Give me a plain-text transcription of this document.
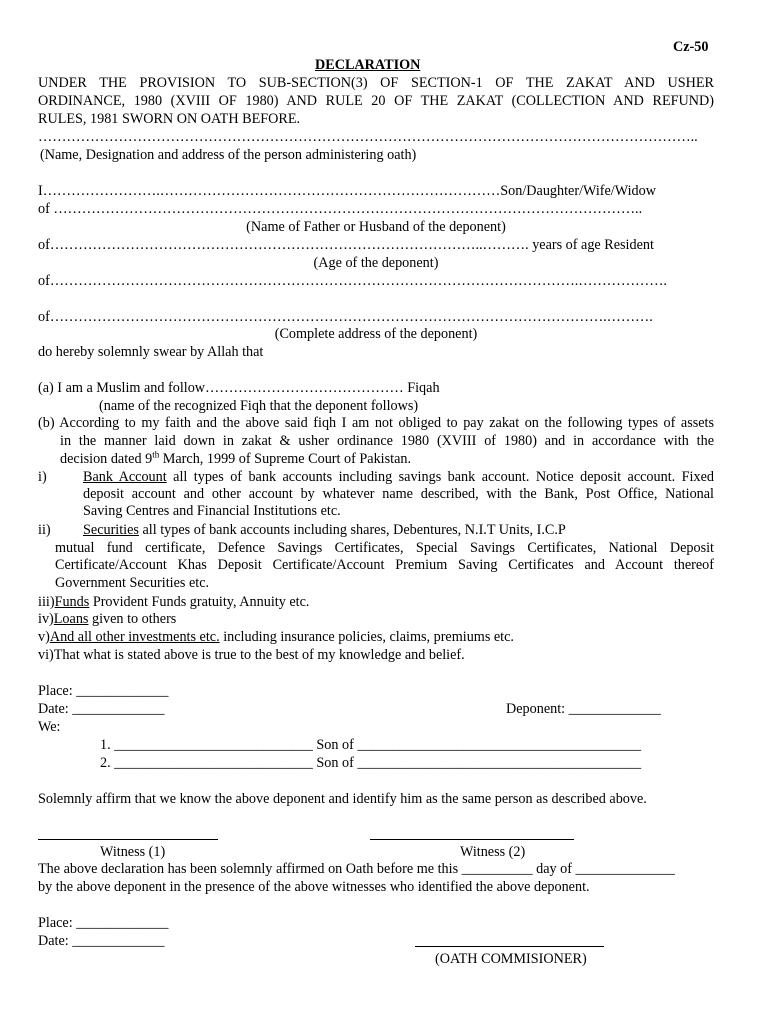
Cz-50
DECLARATION
UNDER THE PROVISION TO SUB-SECTION(3) OF SECTION-1 OF THE ZAKAT AND USHER
ORDINANCE, 1980 (XVIII OF 1980) AND RULE 20 OF THE ZAKAT (COLLECTION AND REFUND)
RULES, 1981 SWORN ON OATH BEFORE.
…………………………………………………………………………………………………………………………..
(Name, Designation and address of the person administering oath)
I…………………….………………………………………………………………Son/Daughter/Wife/Widow
of ……………………………………………………………………………………………………………..
(Name of Father or Husband of the deponent)
of………………………………………………………………………………..………. years of age Resident
(Age of the deponent)
of………………………………………………………………………………………………….……………….
of……………………………………………………………………………………………………….……….
(Complete address of the deponent)
do hereby solemnly swear by Allah that
(a) I am a Muslim and follow…………………………………… Fiqah
(name of the recognized Fiqh that the deponent follows)
(b) According to my faith and the above said fiqh I am not obliged to pay zakat on the following types of assets
in the manner laid down in zakat & usher ordinance 1980 (XVIII of 1980) and in accordance with the
decision dated 9th March, 1999 of Supreme Court of Pakistan.
i)	Bank Account all types of bank accounts including savings bank account. Notice deposit account. Fixed
deposit account and other account by whatever name described, with the Bank, Post Office, National
Saving Centres and Financial Institutions etc.
ii) Securities all types of bank accounts including shares, Debentures, N.I.T Units, I.C.P
mutual fund certificate, Defence Savings Certificates, Special Savings Certificates, National Deposit
Certificate/Account Khas Deposit Certificate/Account Premium Saving Certificates and Account thereof
Government Securities etc.
iii)Funds Provident Funds gratuity, Annuity etc.
iv)Loans given to others
v)And all other investments etc. including insurance policies, claims, premiums etc.
vi)That what is stated above is true to the best of my knowledge and belief.
Place: _____________
Date: _____________	Deponent: _____________
We:
1. ____________________________ Son of ________________________________________
2. ____________________________ Son of ________________________________________
Solemnly affirm that we know the above deponent and identify him as the same person as described above.
Witness (1)	Witness (2)
The above declaration has been solemnly affirmed on Oath before me this __________ day of ______________
by the above deponent in the presence of the above witnesses who identified the above deponent.
Place: _____________
Date: _____________
(OATH COMMISIONER)
